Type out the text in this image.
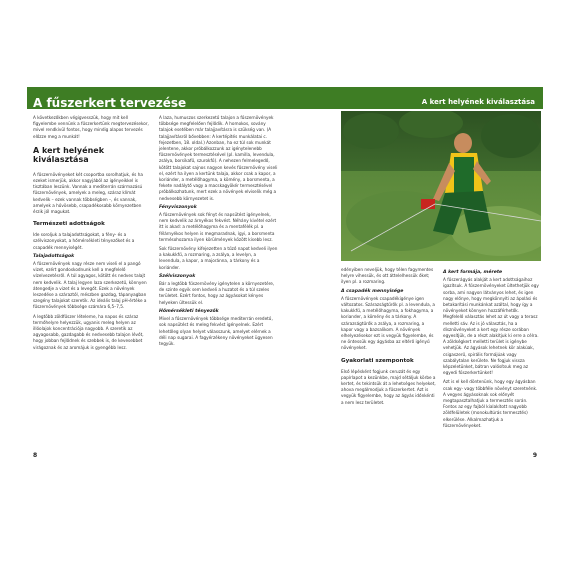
A fűszerkert tervezése

A következőkben végigvesszük, hogy mit kell figyelembe vennünk a fűszerkertünk megtervezésekor, mivel rendkívül fontos, hogy mindig alapos tervezés előzze meg a munkát!

A kert helyének kiválasztása

A fűszernövényeket két csoportba sorolhatjuk, és ha ezeket ismerjük, akkor nagyjából az igényeikkel is tisztában leszünk. Vannak a mediterrán származású fűszernövények, amelyek a meleg, száraz klímát kedvelik – ezek vannak többségben –, és vannak, amelyek a hűvösebb, csapadékosabb környezetben érzik jól magukat.

Természeti adottságok

Ide soroljuk a talajadottságokat, a fény- és a szélviszonyokat, a hőmérsékleti tényezőket és a csapadék mennyiségét.

Talajadottságok

A fűszernövények nagy része nem viseli el a pangó vizet, ezért gondoskodnunk kell a megfelelő vízelvezetésről. A túl agyagos, kötött és nedves talajt nem kedvelik. A talaj legyen laza szerkezetű, könnyen átengedje a vizet és a levegőt. Ezek a növények leszedése a száraztól, mészben gazdag, tápanyagban szegény talajokat szeretik. Az ideális talaj pH-értéke a fűszernövények többsége számára 6,5–7,5.

A legtöbb zöldfűszer lételeme, ha napos és száraz termőhelyre helyezzük, ugyanis meleg helyen az illóolajok koncentrációja nagyobb. A szeretik az agyagosabb, gazdagabb és nedvesebb talajon lévőt, hogy jobban fejlődnek és szebbek is, de kevesebbet virágoznak és az aromájuk is gyengébb lesz.

A laza, humuszos szerkezetű talajon a fűszernövények többsége megfelelően fejlődik. A homokos, sovány talajok esetében már talajjavításra is szükség van. (A talajjavításról bővebben: A kertépítés munkálatai c. fejezetben, 18. oldal.) Azonban, ha ez túl sok munkát jelentene, akkor próbálkozzunk az igénytelenebb fűszernövények termesztésével (pl. kamilla, levendula, zsálya, borsikafű, szurokfű). A nehezen felmelegedő, kötött talajokat sajnos nagyon kevés fűszernövény viseli el, ezért ha ilyen a kertünk talaja, akkor csak a kapor, a koriánder, a metélőhagyma, a kömény, a borsmenta, a fekete nadálytő vagy a macskagyökér termesztésével próbálkozhatunk, mert ezek a növények elviselik még a nedvesebb környezetet is.

Fényviszonyok

A fűszernövények sok fényt és napsütést igényelnek, nem kedvelik az árnyékos fekvést. Néhány kivétel ezért itt is akad: a metélőhagyma és a mentafélék pl. a félárnyékos helyen is megmaradnak, ígyi, a borsmenta termésohozama ilyen körülmények között kisebb lesz.

Sok fűszernövény kifejezetten a tűző napot kedveli ilyen a kakukkfű, a rozmaring, a zsálya, a levelyn, a levendula, a kapor, a majoránna, a tárkony és a koriánder.

Szélviszonyok

Bár a legtöbb fűszernövény igénytelen a környezetére, de szinte egyik sem kedveli a huzatot és a túl szeles területet. Ezért fontos, hogy az ágyásokat kényes helyeken ültessük el.

Hőmérsékleti tényezők

Mivel a fűszernövények többsége mediterrán eredetű, sok napsütést és meleg fekvést igényelnek. Ezért lehetőleg olyan helyet válasszunk, amelyet elérnek a déli nap sugarai. A fagyérzékeny növényeket ügyesen tegyük.

8
A kert helyének kiválasztása

edényiben neveljük, hogy télen fagymentes helyre vihessük, és ott áttelelhessük őket; ilyen pl. a rozmaring.

A csapadék mennyisége

A fűszernövények csapadékigénye igen változatos. Szárazságtűrők pl. a levendula, a kakukkfű, a metélőhagyma, a fokhagyma, a koriander, a kömény és a tárkony. A szárazságtűrők a zsálya, a rozmaring, a kapor vagy a bazsalikom. A növények elhelyezésekor ezt is vegyük figyelembe, és ne öntessük egy ágyásba az eltérő igényű növényeket.

Gyakorlati szempontok

Első lépésként fogjunk ceruzát és egy papírlapot a kezünkbe, majd sétáljuk körbe a kertet, és tekintsük át a lehetséges helyeket, ahova megálmodjuk a fűszerkertet. Azt is vegyük figyelembe, hogy az ágyás időnkénti a nem lesz területet.

A kert formája, mérete

A fűszerágyás alakját a kert adottságaihoz igazítsuk. A fűszernövényeket ültethetjük egy sorba, ami nagyon látványos lehet, és igen nagy előnye, hogy megkönnyíti az ápolási és betakarítási munkánkat azáltal, hogy így a növényeket könnyen hozzáférhetők. Megfelelő választás lehet az út vagy a terasz melletti sáv. Az is jó választás, ha a dísznövényeket a kert egy része sorában egyesítjük, de a részt alakítjuk ki erre a célra. A zöldségkert melletti terület is igénybe vehetjük. Az ágyások lehetnek kör alakúak, csigaszerű, spirális formájúak vagy szabálytalan kerülete. Ne fogjuk vissza képzeletünket, bátran valósítsuk meg az egyedi fűszerkertünket!

Azt is el kell döntenünk, hogy egy ágyásban csak egy- vagy többféle növényt szeretnénk. A vegyes ágyásoknak sok előnyét megtapasztalhatjuk a termesztés során. Fontos az egy fajból kialakított nagyobb zöldfelületek (monokultúrás termesztés) elkerülése. Alkalmazhatjuk a fűszernövényeket.

9
